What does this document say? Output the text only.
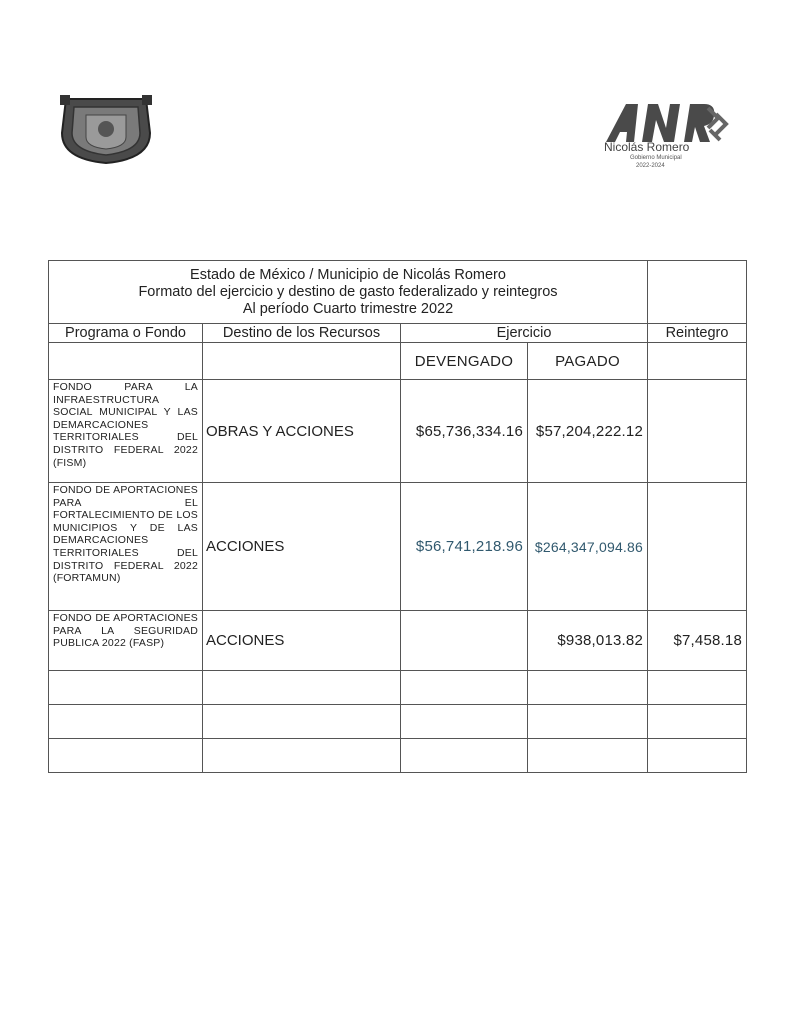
Nicolás Romero
Gobierno Municipal
2022-2024
Estado de México / Municipio de Nicolás Romero
Formato del ejercicio y destino de gasto federalizado y reintegros
Al período Cuarto trimestre 2022				

Programa o Fondo	Destino de los Recursos	Ejercicio		Reintegro
		DEVENGADO	PAGADO	
FONDO PARA LA INFRAESTRUCTURA SOCIAL MUNICIPAL Y LAS DEMARCACIONES TERRITORIALES DEL DISTRITO FEDERAL 2022 (FISM)	OBRAS Y ACCIONES	$65,736,334.16	$57,204,222.12	
FONDO DE APORTACIONES PARA EL FORTALECIMIENTO DE LOS MUNICIPIOS Y DE LAS DEMARCACIONES TERRITORIALES DEL DISTRITO FEDERAL 2022 (FORTAMUN)	ACCIONES	$56,741,218.96	$264,347,094.86	
FONDO DE APORTACIONES PARA LA SEGURIDAD PUBLICA 2022 (FASP)	ACCIONES		$938,013.82	$7,458.18
